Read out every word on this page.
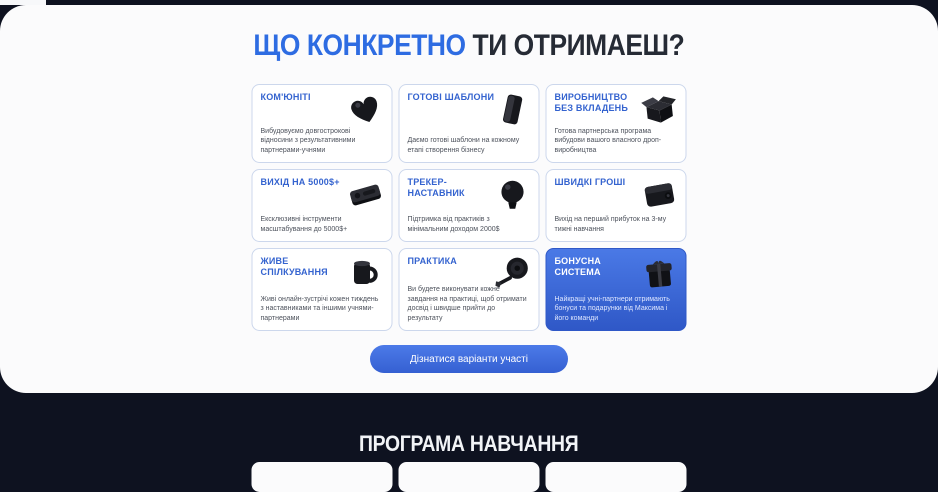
ЩО КОНКРЕТНО ТИ ОТРИМАЕШ?
КОМ'ЮНІТІ
Вибудовуємо довгострокові відносини з результативними партнерами-учнями
ГОТОВІ ШАБЛОНИ
Даємо готові шаблони на кожному етапі створення бізнесу
ВИРОБНИЦТВО БЕЗ ВКЛАДЕНЬ
Готова партнерська програма вибудови вашого власного дроп-виробництва
ВИХІД НА 5000$+
Ексклюзивні інструменти масштабування до 5000$+
ТРЕКЕР-НАСТАВНИК
Підтримка від практиків з мінімальним доходом 2000$
ШВИДКІ ГРОШІ
Вихід на перший прибуток на 3-му тижні навчання
ЖИВЕ СПІЛКУВАННЯ
Живі онлайн-зустрічі кожен тиждень з наставниками та іншими учнями-партнерами
ПРАКТИКА
Ви будете виконувати кожне завдання на практиці, щоб отримати досвід і швидше прийти до результату
БОНУСНА СИСТЕМА
Найкращі учні-партнери отримають бонуси та подарунки від Максима і його команди
Дізнатися варіанти участі
ПРОГРАМА НАВЧАННЯ
